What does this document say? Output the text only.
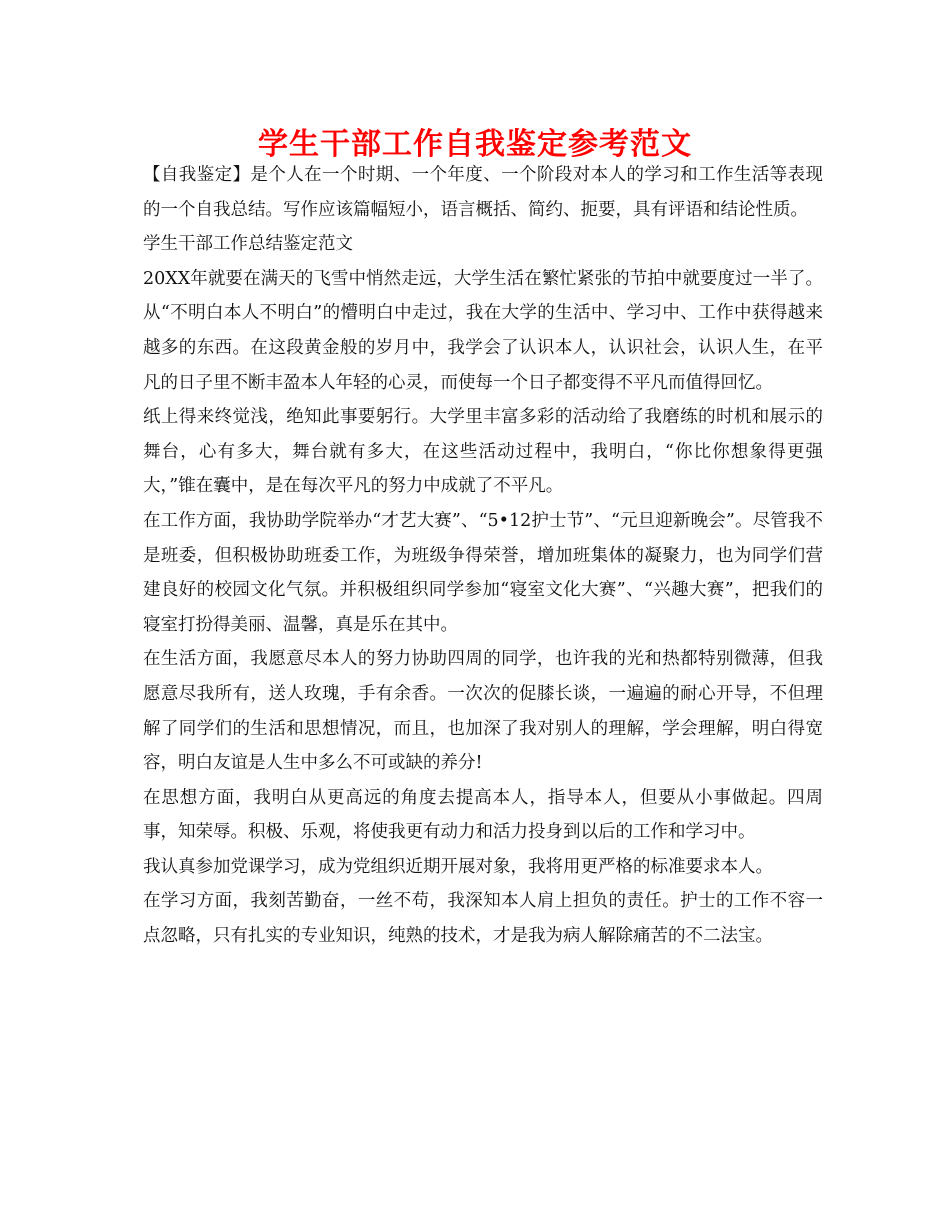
学生干部工作自我鉴定参考范文

【自我鉴定】是个人在一个时期、一个年度、一个阶段对本人的学习和工作生活等表现的一个自我总结。写作应该篇幅短小，语言概括、简约、扼要，具有评语和结论性质。

学生干部工作总结鉴定范文

20XX年就要在满天的飞雪中悄然走远，大学生活在繁忙紧张的节拍中就要度过一半了。从“不明白本人不明白”的懵明白中走过，我在大学的生活中、学习中、工作中获得越来越多的东西。在这段黄金般的岁月中，我学会了认识本人，认识社会，认识人生，在平凡的日子里不断丰盈本人年轻的心灵，而使每一个日子都变得不平凡而值得回忆。

纸上得来终觉浅，绝知此事要躬行。大学里丰富多彩的活动给了我磨练的时机和展示的舞台，心有多大，舞台就有多大，在这些活动过程中，我明白，“你比你想象得更强大，”锥在囊中，是在每次平凡的努力中成就了不平凡。

在工作方面，我协助学院举办“才艺大赛”、“5•12护士节”、“元旦迎新晚会”。尽管我不是班委，但积极协助班委工作，为班级争得荣誉，增加班集体的凝聚力，也为同学们营建良好的校园文化气氛。并积极组织同学参加“寝室文化大赛”、“兴趣大赛”，把我们的寝室打扮得美丽、温馨，真是乐在其中。

在生活方面，我愿意尽本人的努力协助四周的同学，也许我的光和热都特别微薄，但我愿意尽我所有，送人玫瑰，手有余香。一次次的促膝长谈，一遍遍的耐心开导，不但理解了同学们的生活和思想情况，而且，也加深了我对别人的理解，学会理解，明白得宽容，明白友谊是人生中多么不可或缺的养分!

在思想方面，我明白从更高远的角度去提高本人，指导本人，但要从小事做起。四周事，知荣辱。积极、乐观，将使我更有动力和活力投身到以后的工作和学习中。

我认真参加党课学习，成为党组织近期开展对象，我将用更严格的标准要求本人。

在学习方面，我刻苦勤奋，一丝不苟，我深知本人肩上担负的责任。护士的工作不容一点忽略，只有扎实的专业知识，纯熟的技术，才是我为病人解除痛苦的不二法宝。
